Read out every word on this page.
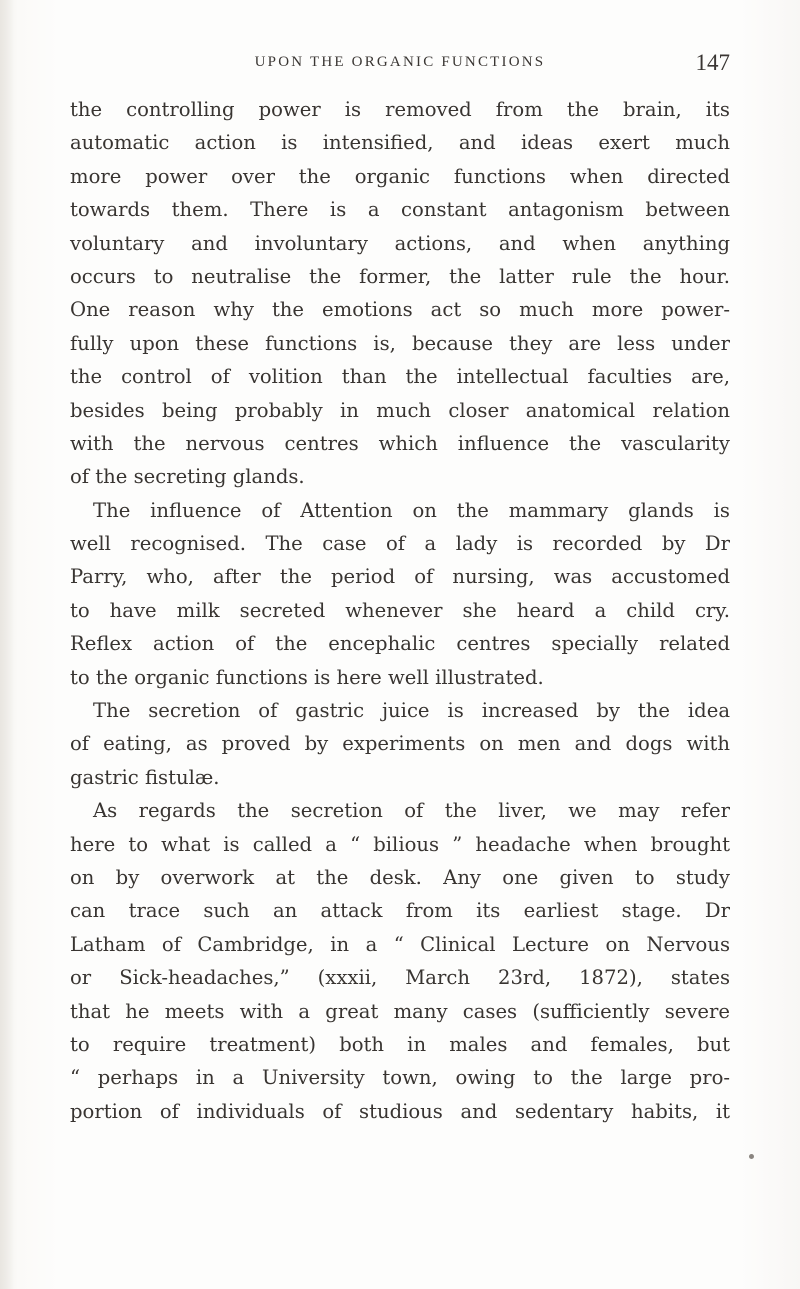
UPON THE ORGANIC FUNCTIONS	147
the controlling power is removed from the brain, its
automatic action is intensified, and ideas exert much
more power over the organic functions when directed
towards them. There is a constant antagonism between
voluntary and involuntary actions, and when anything
occurs to neutralise the former, the latter rule the hour.
One reason why the emotions act so much more power-
fully upon these functions is, because they are less under
the control of volition than the intellectual faculties are,
besides being probably in much closer anatomical relation
with the nervous centres which influence the vascularity
of the secreting glands.
The influence of Attention on the mammary glands is
well recognised. The case of a lady is recorded by Dr
Parry, who, after the period of nursing, was accustomed
to have milk secreted whenever she heard a child cry.
Reflex action of the encephalic centres specially related
to the organic functions is here well illustrated.
The secretion of gastric juice is increased by the idea
of eating, as proved by experiments on men and dogs with
gastric fistulæ.
As regards the secretion of the liver, we may refer
here to what is called a “ bilious ” headache when brought
on by overwork at the desk. Any one given to study
can trace such an attack from its earliest stage. Dr
Latham of Cambridge, in a “ Clinical Lecture on Nervous
or Sick-headaches,” (xxxii, March 23rd, 1872), states
that he meets with a great many cases (sufficiently severe
to require treatment) both in males and females, but
“ perhaps in a University town, owing to the large pro-
portion of individuals of studious and sedentary habits, it
